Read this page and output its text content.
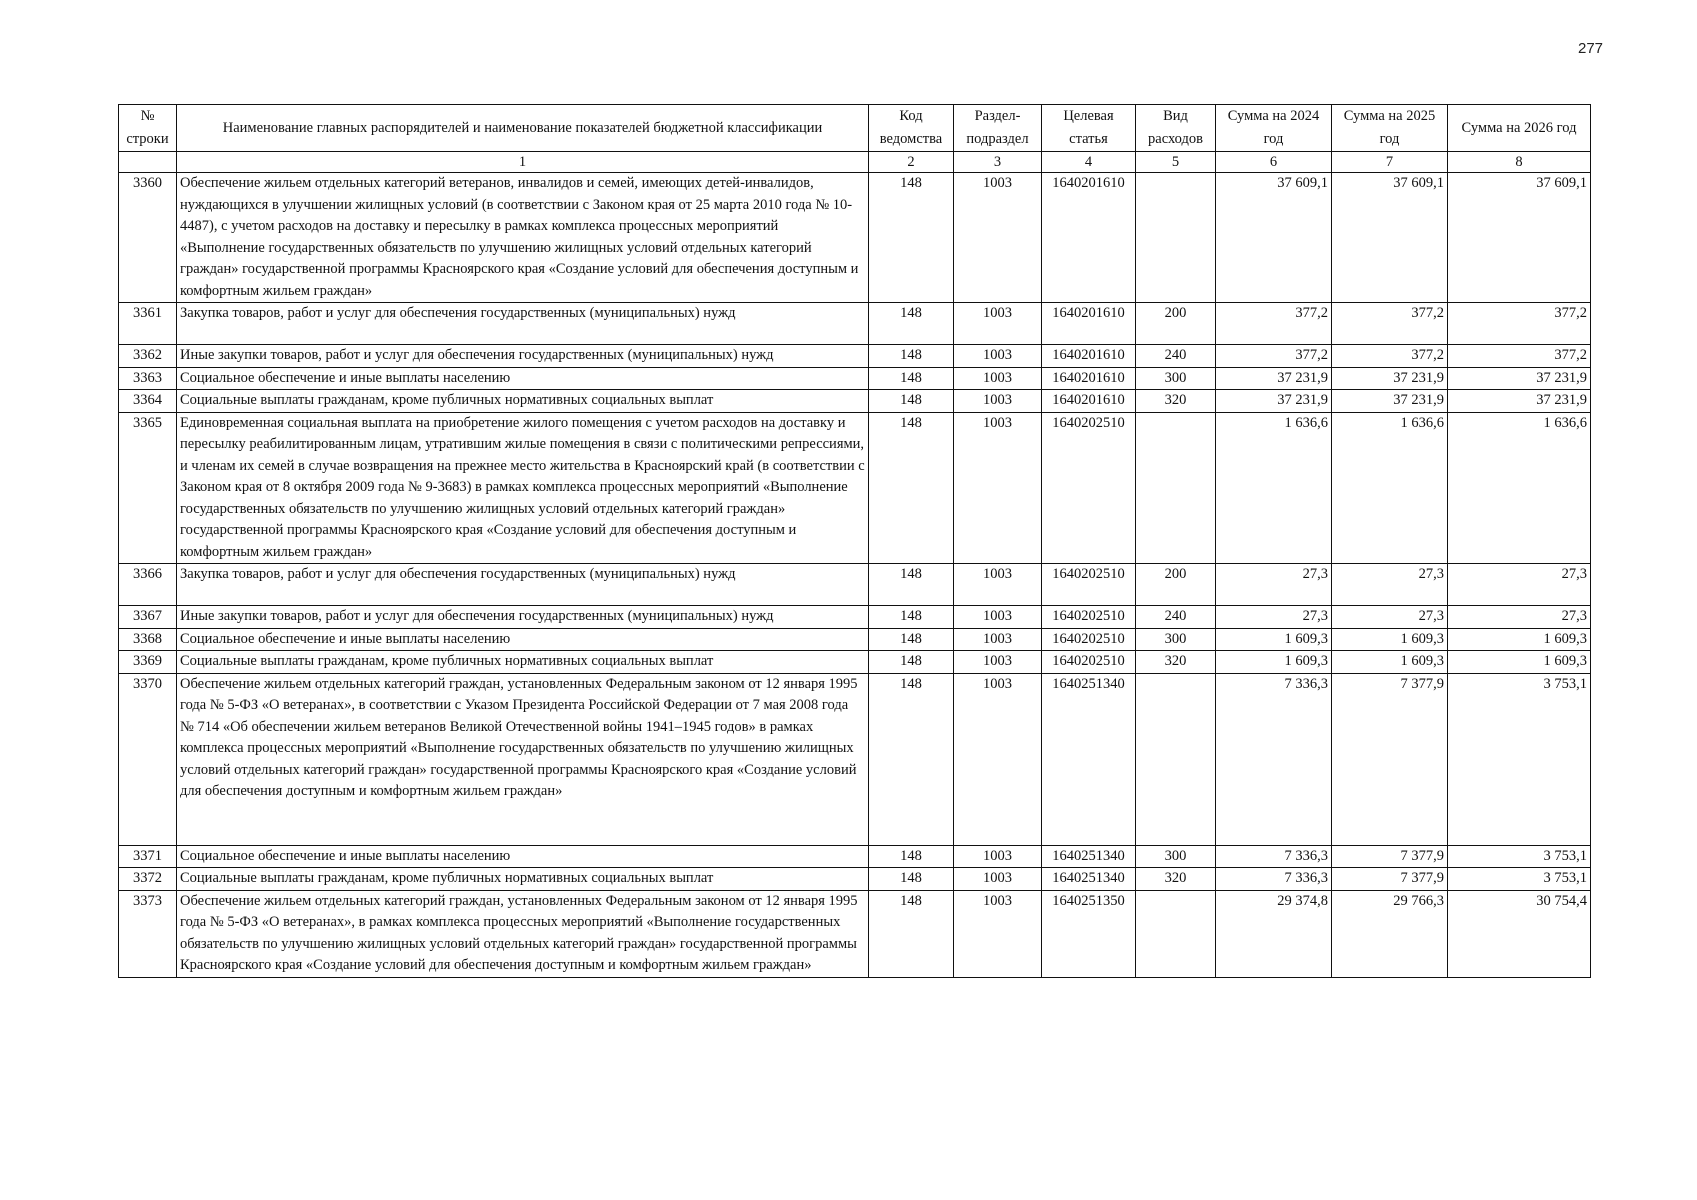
277
№ строки	Наименование главных распорядителей и наименование показателей бюджетной классификации	Код ведомства	Раздел-подраздел	Целевая статья	Вид расходов	Сумма на 2024 год	Сумма на 2025 год	Сумма на 2026 год
	1	2	3	4	5	6	7	8
3360	Обеспечение жильем отдельных категорий ветеранов, инвалидов и семей, имеющих детей-инвалидов, нуждающихся в улучшении жилищных условий (в соответствии с Законом края от 25 марта 2010 года № 10-4487), с учетом расходов на доставку и пересылку в рамках комплекса процессных мероприятий «Выполнение государственных обязательств по улучшению жилищных условий отдельных категорий граждан» государственной программы Красноярского края «Создание условий для обеспечения доступным и комфортным жильем граждан»	148	1003	1640201610		37 609,1	37 609,1	37 609,1
3361	Закупка товаров, работ и услуг для обеспечения государственных (муниципальных) нужд	148	1003	1640201610	200	377,2	377,2	377,2
3362	Иные закупки товаров, работ и услуг для обеспечения государственных (муниципальных) нужд	148	1003	1640201610	240	377,2	377,2	377,2
3363	Социальное обеспечение и иные выплаты населению	148	1003	1640201610	300	37 231,9	37 231,9	37 231,9
3364	Социальные выплаты гражданам, кроме публичных нормативных социальных выплат	148	1003	1640201610	320	37 231,9	37 231,9	37 231,9
3365	Единовременная социальная выплата на приобретение жилого помещения с учетом расходов на доставку и пересылку реабилитированным лицам, утратившим жилые помещения в связи с политическими репрессиями, и членам их семей в случае возвращения на прежнее место жительства в Красноярский край (в соответствии с Законом края от 8 октября 2009 года № 9-3683) в рамках комплекса процессных мероприятий «Выполнение государственных обязательств по улучшению жилищных условий отдельных категорий граждан» государственной программы Красноярского края «Создание условий для обеспечения доступным и комфортным жильем граждан»	148	1003	1640202510		1 636,6	1 636,6	1 636,6
3366	Закупка товаров, работ и услуг для обеспечения государственных (муниципальных) нужд	148	1003	1640202510	200	27,3	27,3	27,3
3367	Иные закупки товаров, работ и услуг для обеспечения государственных (муниципальных) нужд	148	1003	1640202510	240	27,3	27,3	27,3
3368	Социальное обеспечение и иные выплаты населению	148	1003	1640202510	300	1 609,3	1 609,3	1 609,3
3369	Социальные выплаты гражданам, кроме публичных нормативных социальных выплат	148	1003	1640202510	320	1 609,3	1 609,3	1 609,3
3370	Обеспечение жильем отдельных категорий граждан, установленных Федеральным законом от 12 января 1995 года № 5-ФЗ «О ветеранах», в соответствии с Указом Президента Российской Федерации от 7 мая 2008 года № 714 «Об обеспечении жильем ветеранов Великой Отечественной войны 1941–1945 годов» в рамках комплекса процессных мероприятий «Выполнение государственных обязательств по улучшению жилищных условий отдельных категорий граждан» государственной программы Красноярского края «Создание условий для обеспечения доступным и комфортным жильем граждан»	148	1003	1640251340		7 336,3	7 377,9	3 753,1
3371	Социальное обеспечение и иные выплаты населению	148	1003	1640251340	300	7 336,3	7 377,9	3 753,1
3372	Социальные выплаты гражданам, кроме публичных нормативных социальных выплат	148	1003	1640251340	320	7 336,3	7 377,9	3 753,1
3373	Обеспечение жильем отдельных категорий граждан, установленных Федеральным законом от 12 января 1995 года № 5-ФЗ «О ветеранах», в рамках комплекса процессных мероприятий «Выполнение государственных обязательств по улучшению жилищных условий отдельных категорий граждан» государственной программы Красноярского края «Создание условий для обеспечения доступным и комфортным жильем граждан»	148	1003	1640251350		29 374,8	29 766,3	30 754,4
